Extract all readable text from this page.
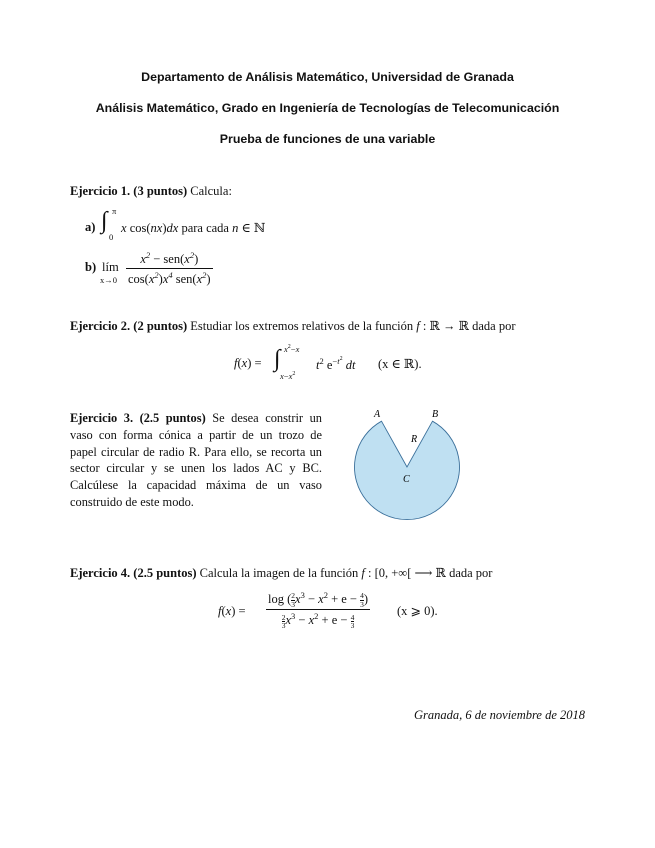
Departamento de Análisis Matemático, Universidad de Granada
Análisis Matemático, Grado en Ingeniería de Tecnologías de Telecomunicación
Prueba de funciones de una variable
Ejercicio 1. (3 puntos) Calcula:
a) ∫ π
0
x cos(nx)dx para cada n ∈ ℕ
b) lím
x→0
$x^2 - sen(x^2)$
$\cos(x^2)x^4$ $sen(x^2)$
Ejercicio 2. (2 puntos) Estudiar los extremos relativos de la función f : ℝ → ℝ dada por
f(x) = ∫ $x^2-x$
$x-x^2$
$t^2$ $e^{-t^2}$ dt (x ∈ ℝ).
Ejercicio 3. (2.5 puntos) Se desea constrir un vaso con forma cónica a partir de un trozo de papel circular de radio R. Para ello, se recorta un sector circular y se unen los lados AC y BC. Calcúlese la capacidad máxima de un vaso construido de este modo.
A	B
C
R
Ejercicio 4. (2.5 puntos) Calcula la imagen de la función f : [0, +∞[ ⟶ ℝ dada por
$f(x) = \frac{\log ( \frac{2}{3} x^3 - x^2 + e - \frac{4}{3} )}{\frac{2}{3} x^3 - x^2 + e - \frac{4}{3}} (x$ ⩾ 0).
Granada, 6 de noviembre de 2018
